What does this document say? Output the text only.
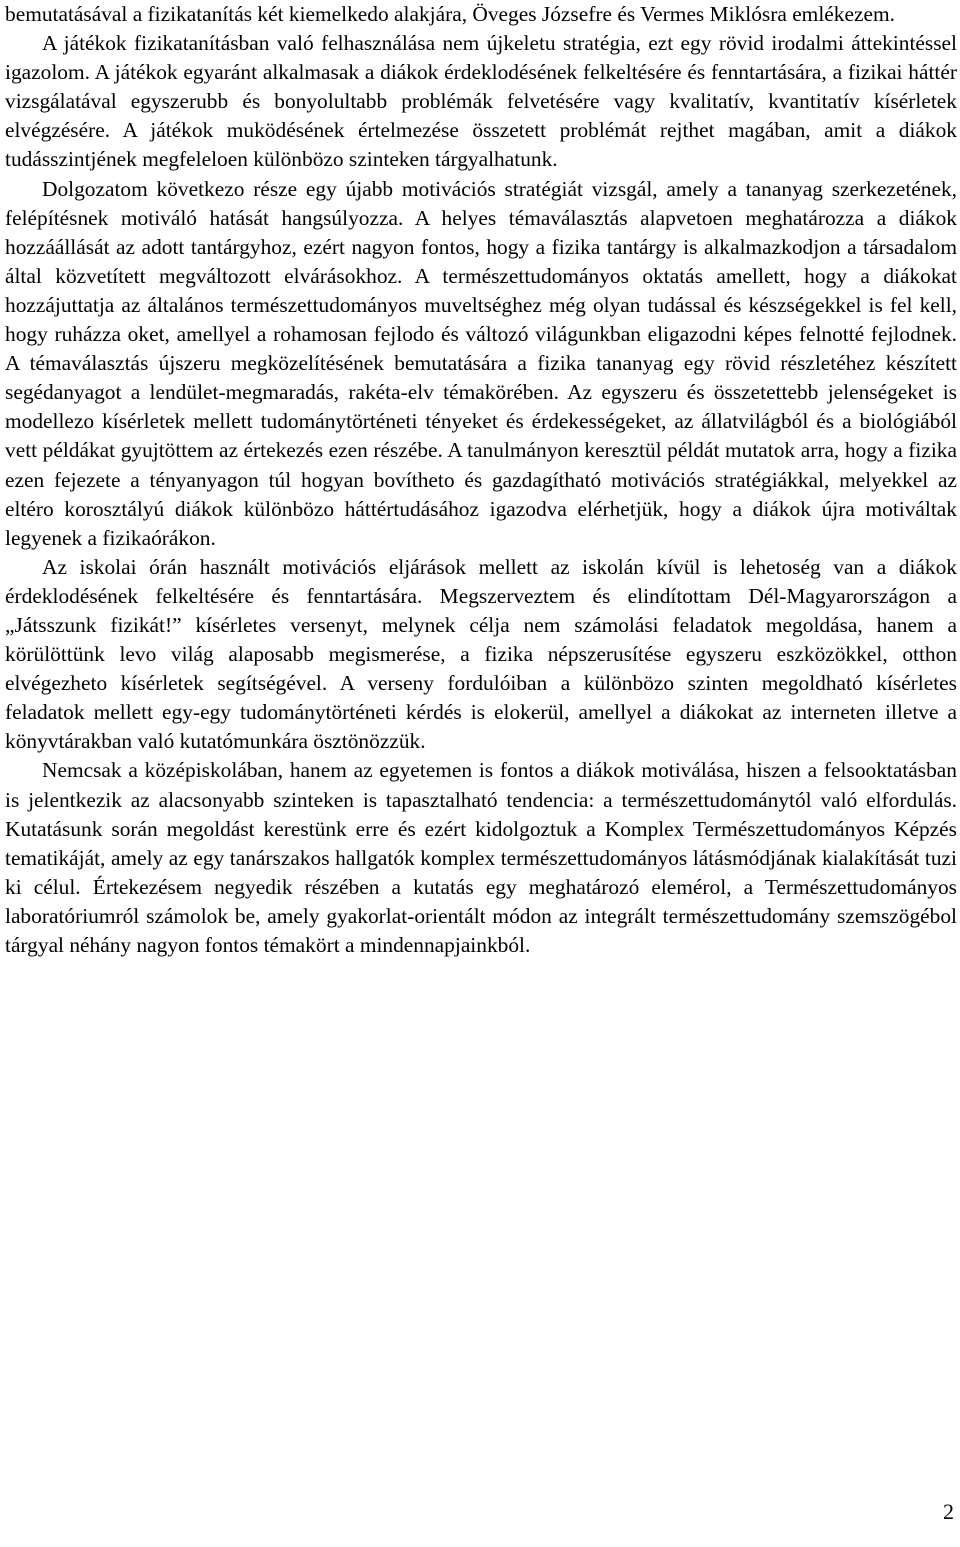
bemutatásával a fizikatanítás két kiemelkedo alakjára, Öveges Józsefre és Vermes Miklósra emlékezem.

A játékok fizikatanításban való felhasználása nem újkeletu stratégia, ezt egy rövid irodalmi áttekintéssel igazolom. A játékok egyaránt alkalmasak a diákok érdeklodésének felkeltésére és fenntartására, a fizikai háttér vizsgálatával egyszerubb és bonyolultabb problémák felvetésére vagy kvalitatív, kvantitatív kísérletek elvégzésére. A játékok muködésének értelmezése összetett problémát rejthet magában, amit a diákok tudásszintjének megfeleloen különbözo szinteken tárgyalhatunk.

Dolgozatom következo része egy újabb motivációs stratégiát vizsgál, amely a tananyag szerkezetének, felépítésnek motiváló hatását hangsúlyozza. A helyes témaválasztás alapvetoen meghatározza a diákok hozzáállását az adott tantárgyhoz, ezért nagyon fontos, hogy a fizika tantárgy is alkalmazkodjon a társadalom által közvetített megváltozott elvárásokhoz. A természettudományos oktatás amellett, hogy a diákokat hozzájuttatja az általános természettudományos muveltséghez még olyan tudással és készségekkel is fel kell, hogy ruházza oket, amellyel a rohamosan fejlodo és változó világunkban eligazodni képes felnotté fejlodnek. A témaválasztás újszeru megközelítésének bemutatására a fizika tananyag egy rövid részletéhez készített segédanyagot a lendület-megmaradás, rakéta-elv témakörében. Az egyszeru és összetettebb jelenségeket is modellezo kísérletek mellett tudománytörténeti tényeket és érdekességeket, az állatvilágból és a biológiából vett példákat gyujtöttem az értekezés ezen részébe. A tanulmányon keresztül példát mutatok arra, hogy a fizika ezen fejezete a tényanyagon túl hogyan bovítheto és gazdagítható motivációs stratégiákkal, melyekkel az eltéro korosztályú diákok különbözo háttértudásához igazodva elérhetjük, hogy a diákok újra motiváltak legyenek a fizikaórákon.

Az iskolai órán használt motivációs eljárások mellett az iskolán kívül is lehetoség van a diákok érdeklodésének felkeltésére és fenntartására. Megszerveztem és elindítottam Dél-Magyarországon a „Játsszunk fizikát!” kísérletes versenyt, melynek célja nem számolási feladatok megoldása, hanem a körülöttünk levo világ alaposabb megismerése, a fizika népszerusítése egyszeru eszközökkel, otthon elvégezheto kísérletek segítségével. A verseny fordulóiban a különbözo szinten megoldható kísérletes feladatok mellett egy-egy tudománytörténeti kérdés is elokerül, amellyel a diákokat az interneten illetve a könyvtárakban való kutatómunkára ösztönözzük.

Nemcsak a középiskolában, hanem az egyetemen is fontos a diákok motiválása, hiszen a felsooktatásban is jelentkezik az alacsonyabb szinteken is tapasztalható tendencia: a természettudománytól való elfordulás. Kutatásunk során megoldást kerestünk erre és ezért kidolgoztuk a Komplex Természettudományos Képzés tematikáját, amely az egy tanárszakos hallgatók komplex természettudományos látásmódjának kialakítását tuzi ki célul. Értekezésem negyedik részében a kutatás egy meghatározó elemérol, a Természettudományos laboratóriumról számolok be, amely gyakorlat-orientált módon az integrált természettudomány szemszögébol tárgyal néhány nagyon fontos témakört a mindennapjainkból.

2
